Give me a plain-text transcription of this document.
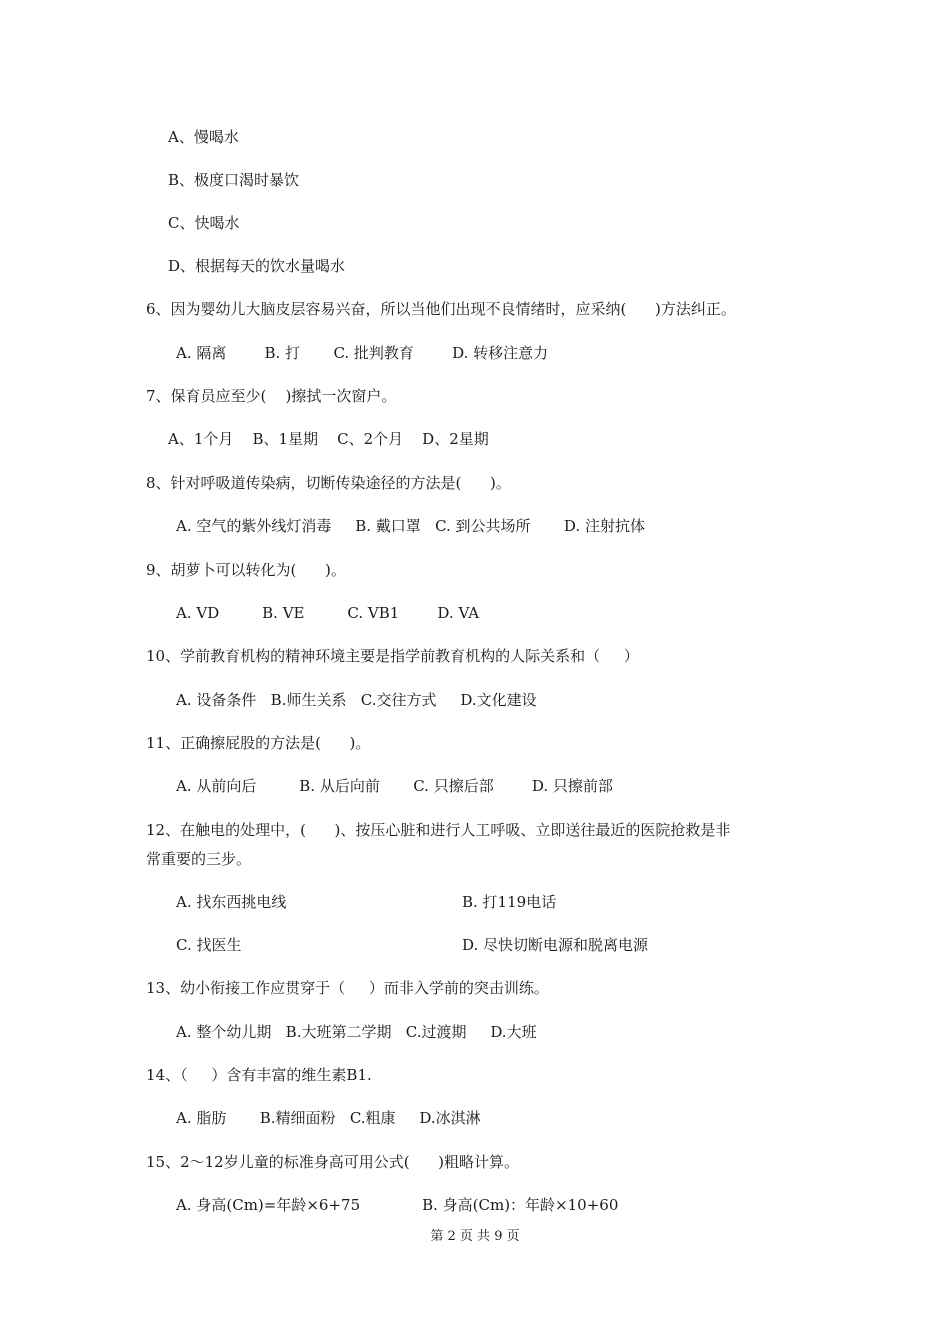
A、慢喝水
B、极度口渴时暴饮
C、快喝水
D、根据每天的饮水量喝水
6、因为婴幼儿大脑皮层容易兴奋，所以当他们出现不良情绪时，应采纳(      )方法纠正。
A. 隔离        B. 打       C. 批判教育        D. 转移注意力
7、保育员应至少(    )擦拭一次窗户。
A、1个月    B、1星期    C、2个月    D、2星期
8、针对呼吸道传染病，切断传染途径的方法是(      )。
A. 空气的紫外线灯消毒     B. 戴口罩   C. 到公共场所       D. 注射抗体
9、胡萝卜可以转化为(      )。
A. VD         B. VE         C. VB1        D. VA
10、学前教育机构的精神环境主要是指学前教育机构的人际关系和（     ）
A. 设备条件   B.师生关系   C.交往方式     D.文化建设
11、正确擦屁股的方法是(      )。
A. 从前向后         B. 从后向前       C. 只擦后部        D. 只擦前部
12、在触电的处理中，(      )、按压心脏和进行人工呼吸、立即送往最近的医院抢救是非
常重要的三步。
A. 找东西挑电线	B. 打119电话
C. 找医生	D. 尽快切断电源和脱离电源
13、幼小衔接工作应贯穿于（     ）而非入学前的突击训练。
A. 整个幼儿期   B.大班第二学期   C.过渡期     D.大班
14、（     ）含有丰富的维生素B1.
A. 脂肪       B.精细面粉   C.粗康     D.冰淇淋
15、2～12岁儿童的标准身高可用公式(      )粗略计算。
A. 身高(Cm)=年龄×6+75             B. 身高(Cm)：年龄×10+60
第 2 页 共 9 页
